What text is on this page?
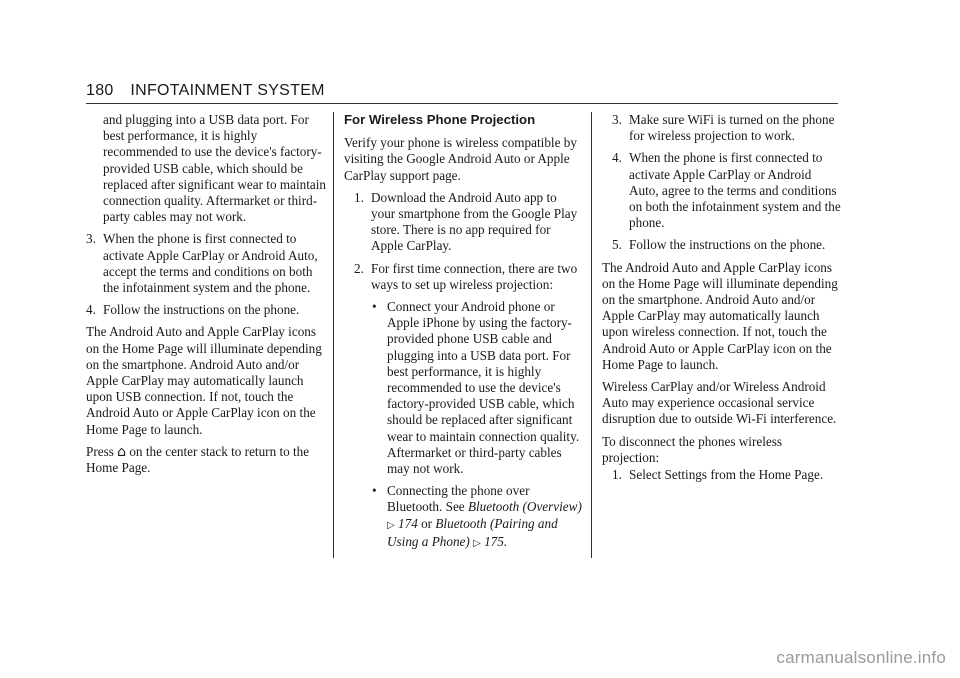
180 INFOTAINMENT SYSTEM

and plugging into a USB data port. For best performance, it is highly recommended to use the device's factory-provided USB cable, which should be replaced after significant wear to maintain connection quality. Aftermarket or third-party cables may not work.

3. When the phone is first connected to activate Apple CarPlay or Android Auto, accept the terms and conditions on both the infotainment system and the phone.
4. Follow the instructions on the phone.

The Android Auto and Apple CarPlay icons on the Home Page will illuminate depending on the smartphone. Android Auto and/or Apple CarPlay may automatically launch upon USB connection. If not, touch the Android Auto or Apple CarPlay icon on the Home Page to launch.

Press ⌂ on the center stack to return to the Home Page.

For Wireless Phone Projection

Verify your phone is wireless compatible by visiting the Google Android Auto or Apple CarPlay support page.

1. Download the Android Auto app to your smartphone from the Google Play store. There is no app required for Apple CarPlay.
2. For first time connection, there are two ways to set up wireless projection:
• Connect your Android phone or Apple iPhone by using the factory-provided phone USB cable and plugging into a USB data port. For best performance, it is highly recommended to use the device's factory-provided USB cable, which should be replaced after significant wear to maintain connection quality. Aftermarket or third-party cables may not work.
• Connecting the phone over Bluetooth. See Bluetooth (Overview) ▷ 174 or Bluetooth (Pairing and Using a Phone) ▷ 175.
3. Make sure WiFi is turned on the phone for wireless projection to work.
4. When the phone is first connected to activate Apple CarPlay or Android Auto, agree to the terms and conditions on both the infotainment system and the phone.
5. Follow the instructions on the phone.

The Android Auto and Apple CarPlay icons on the Home Page will illuminate depending on the smartphone. Android Auto and/or Apple CarPlay may automatically launch upon wireless connection. If not, touch the Android Auto or Apple CarPlay icon on the Home Page to launch.

Wireless CarPlay and/or Wireless Android Auto may experience occasional service disruption due to outside Wi-Fi interference.

To disconnect the phones wireless projection:

1. Select Settings from the Home Page.
carmanualsonline.info
